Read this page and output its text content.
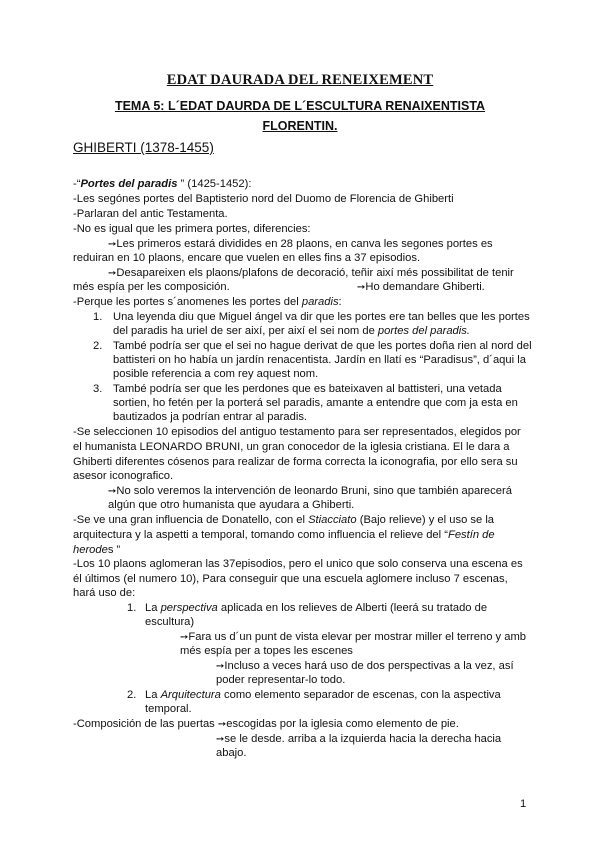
EDAT DAURADA DEL RENEIXEMENT
TEMA 5: L´EDAT DAURDA DE L´ESCULTURA RENAIXENTISTA
FLORENTIN.
GHIBERTI (1378-1455)
-“Portes del paradis ” (1425-1452):
-Les segónes portes del Baptisterio nord del Duomo de Florencia de Ghiberti
-Parlaran del antic Testamenta.
-No es igual que les primera portes, diferencies:
➙Les primeros estará dividides en 28 plaons, en canva les segones portes es
reduiran en 10 plaons, encare que vuelen en elles fins a 37 episodios.
➙Desapareixen els plaons/plafons de decoració, teñir així més possibilitat de tenir
més espía per les composición.	➙Ho demandare Ghiberti.
-Perque les portes s´anomenes les portes del paradis:
1. Una leyenda diu que Miguel ángel va dir que les portes ere tan belles que les portes
del paradis ha uriel de ser així, per així el sei nom de portes del paradis.
2. També podría ser que el sei no hague derivat de que les portes doña rien al nord del
battisteri on ho había un jardín renacentista. Jardín en llatí es “Paradisus”, d´aqui la
posible referencia a com rey aquest nom.
3. També podría ser que les perdones que es bateixaven al battisteri, una vetada
sortien, ho fetén per la porterá sel paradis, amante a entendre que com ja esta en
bautizados ja podrían entrar al paradis.
-Se seleccionen 10 episodios del antiguo testamento para ser representados, elegidos por
el humanista LEONARDO BRUNI, un gran conocedor de la iglesia cristiana. El le dara a
Ghiberti diferentes cósenos para realizar de forma correcta la iconografia, por ello sera su
asesor iconografico.
➙No solo veremos la intervención de leonardo Bruni, sino que también aparecerá
algún que otro humanista que ayudara a Ghiberti.
-Se ve una gran influencia de Donatello, con el Stiacciato (Bajo relieve) y el uso se la
arquitectura y la aspetti a temporal, tomando como influencia el relieve del “Festín de
herodes ”
-Los 10 plaons aglomeran las 37episodios, pero el unico que solo conserva una escena es
él últimos (el numero 10), Para conseguir que una escuela aglomere incluso 7 escenas,
hará uso de:
1. La perspectiva aplicada en los relieves de Alberti (leerá su tratado de
escultura)
➙Fara us d´un punt de vista elevar per mostrar miller el terreno y amb
més espía per a topes les escenes
➙Incluso a veces hará uso de dos perspectivas a la vez, así
poder representar-lo todo.
2. La Arquitectura como elemento separador de escenas, con la aspectiva
temporal.
-Composición de las puertas ➙escogidas por la iglesia como elemento de pie.
➙se le desde. arriba a la izquierda hacia la derecha hacia
abajo.
1
